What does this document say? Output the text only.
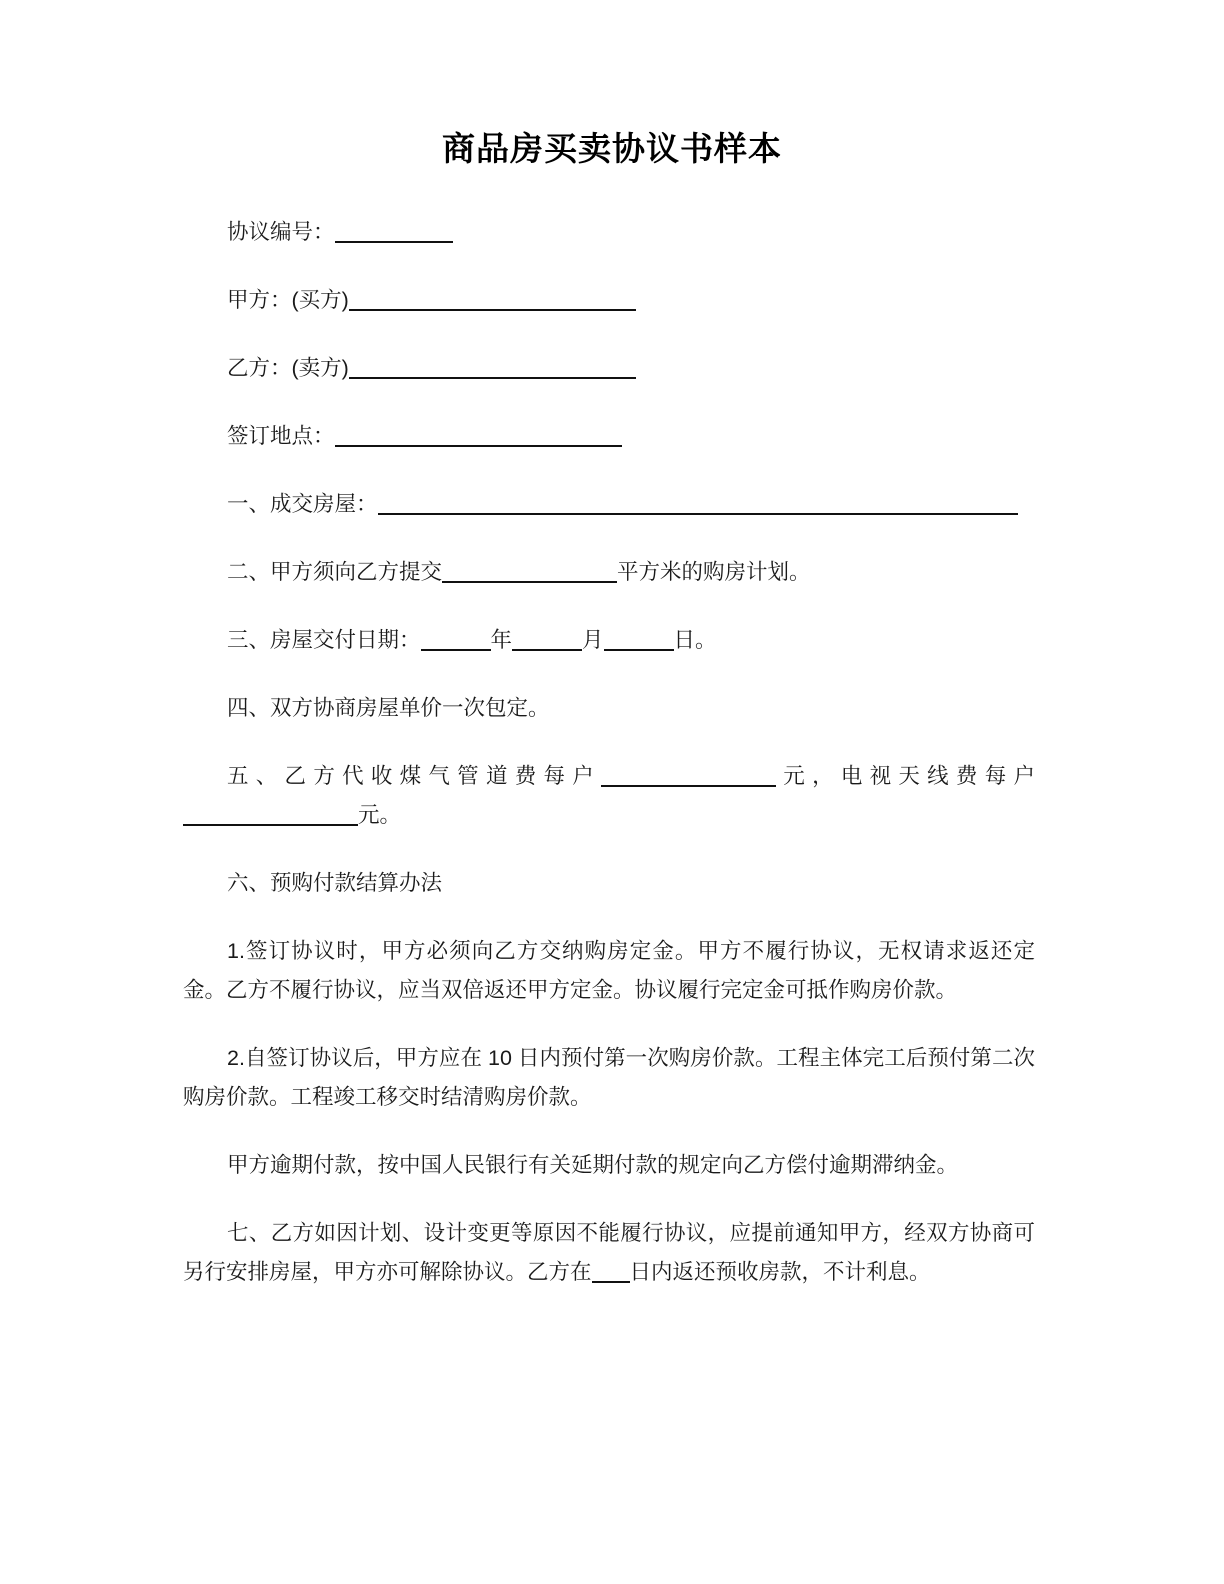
商品房买卖协议书样本

协议编号：

甲方：(买方)

乙方：(卖方)

签订地点：

一、成交房屋：

二、甲方须向乙方提交	平方米的购房计划。

三、房屋交付日期：	年	月	日。

四、双方协商房屋单价一次包定。

五、乙方代收煤气管道费每户	元，电视天线费每户元。

六、预购付款结算办法

1.签订协议时，甲方必须向乙方交纳购房定金。甲方不履行协议，无权请求返还定金。乙方不履行协议，应当双倍返还甲方定金。协议履行完定金可抵作购房价款。

2.自签订协议后，甲方应在 10 日内预付第一次购房价款。工程主体完工后预付第二次购房价款。工程竣工移交时结清购房价款。

甲方逾期付款，按中国人民银行有关延期付款的规定向乙方偿付逾期滞纳金。

七、乙方如因计划、设计变更等原因不能履行协议，应提前通知甲方，经双方协商可另行安排房屋，甲方亦可解除协议。乙方在 日内返还预收房款，不计利息。
